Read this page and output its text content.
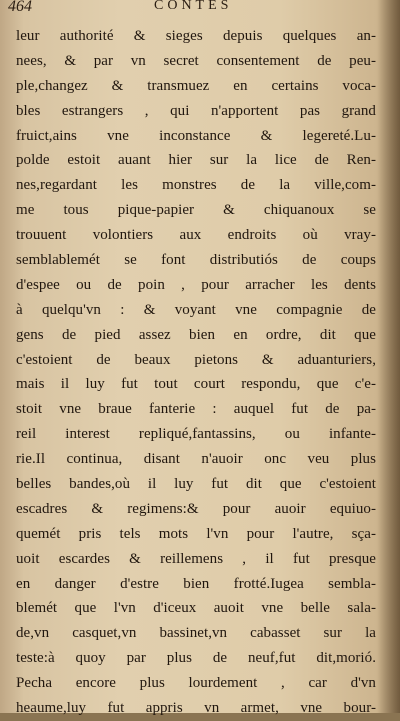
464	CONTES
leur authorité & sieges depuis quelques an-
nees, & par vn secret consentement de peu-
ple,changez & transmuez en certains voca-
bles estrangers , qui n'apportent pas grand
fruict,ains vne inconstance & legereté.Lu-
polde estoit auant hier sur la lice de Ren-
nes,regardant les monstres de la ville,com-
me tous pique-papier & chiquanoux se
trouuent volontiers aux endroits où vray-
semblablemét se font distributiós de coups
d'espee ou de poin , pour arracher les dents
à quelqu'vn : & voyant vne compagnie de
gens de pied assez bien en ordre, dit que
c'estoient de beaux pietons & aduanturiers,
mais il luy fut tout court respondu, que c'e-
stoit vne braue fanterie : auquel fut de pa-
reil interest repliqué,fantassins, ou infante-
rie.Il continua, disant n'auoir onc veu plus
belles bandes,où il luy fut dit que c'estoient
escadres & regimens:& pour auoir equiuo-
quemét pris tels mots l'vn pour l'autre, sça-
uoit escardes & reillemens , il fut presque
en danger d'estre bien frotté.Iugea sembla-
blemét que l'vn d'iceux auoit vne belle sala-
de,vn casquet,vn bassinet,vn cabasset sur la
teste:à quoy par plus de neuf,fut dit,morió.
Pecha encore plus lourdement , car d'vn
heaume,luy fut appris vn armet, vne bour-
